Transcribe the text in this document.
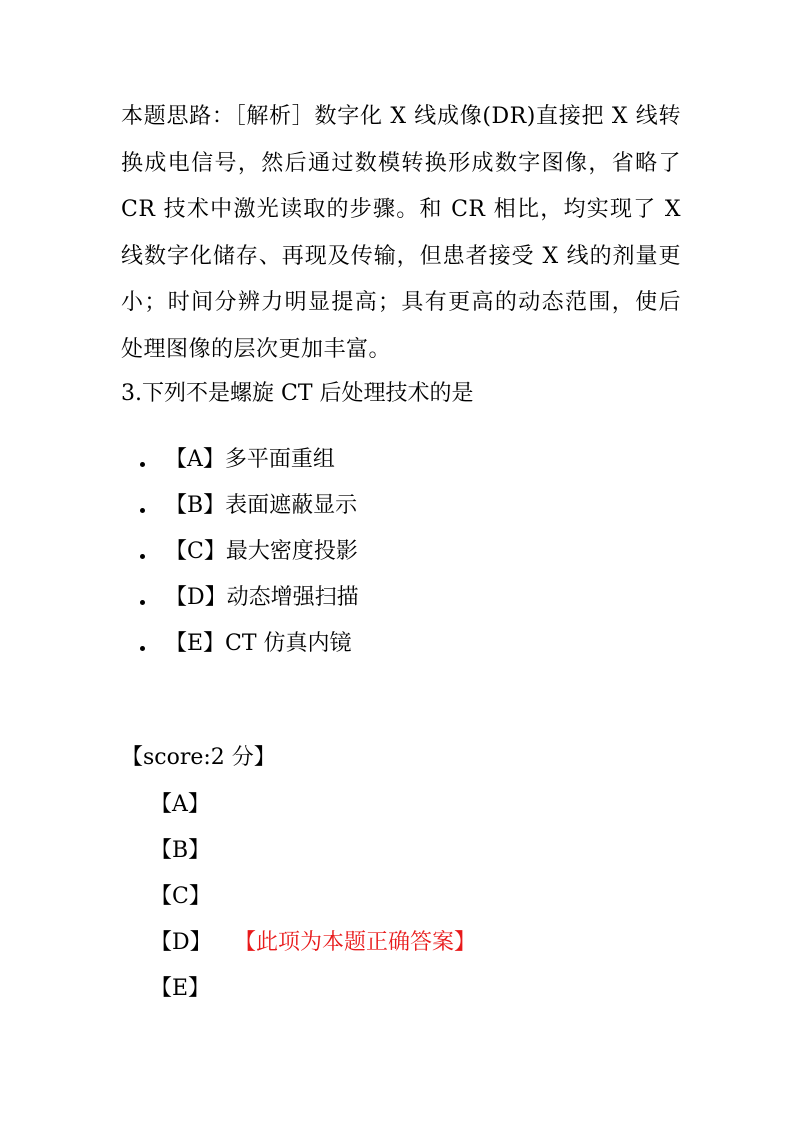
本题思路：［解析］数字化 X 线成像(DR)直接把 X 线转换成电信号，然后通过数模转换形成数字图像，省略了 CR 技术中激光读取的步骤。和 CR 相比，均实现了 X 线数字化储存、再现及传输，但患者接受 X 线的剂量更小；时间分辨力明显提高；具有更高的动态范围，使后处理图像的层次更加丰富。
3.下列不是螺旋 CT 后处理技术的是
【A】多平面重组
【B】表面遮蔽显示
【C】最大密度投影
【D】动态增强扫描
【E】CT 仿真内镜
【score:2 分】
【A】
【B】
【C】
【D】	【此项为本题正确答案】
【E】
